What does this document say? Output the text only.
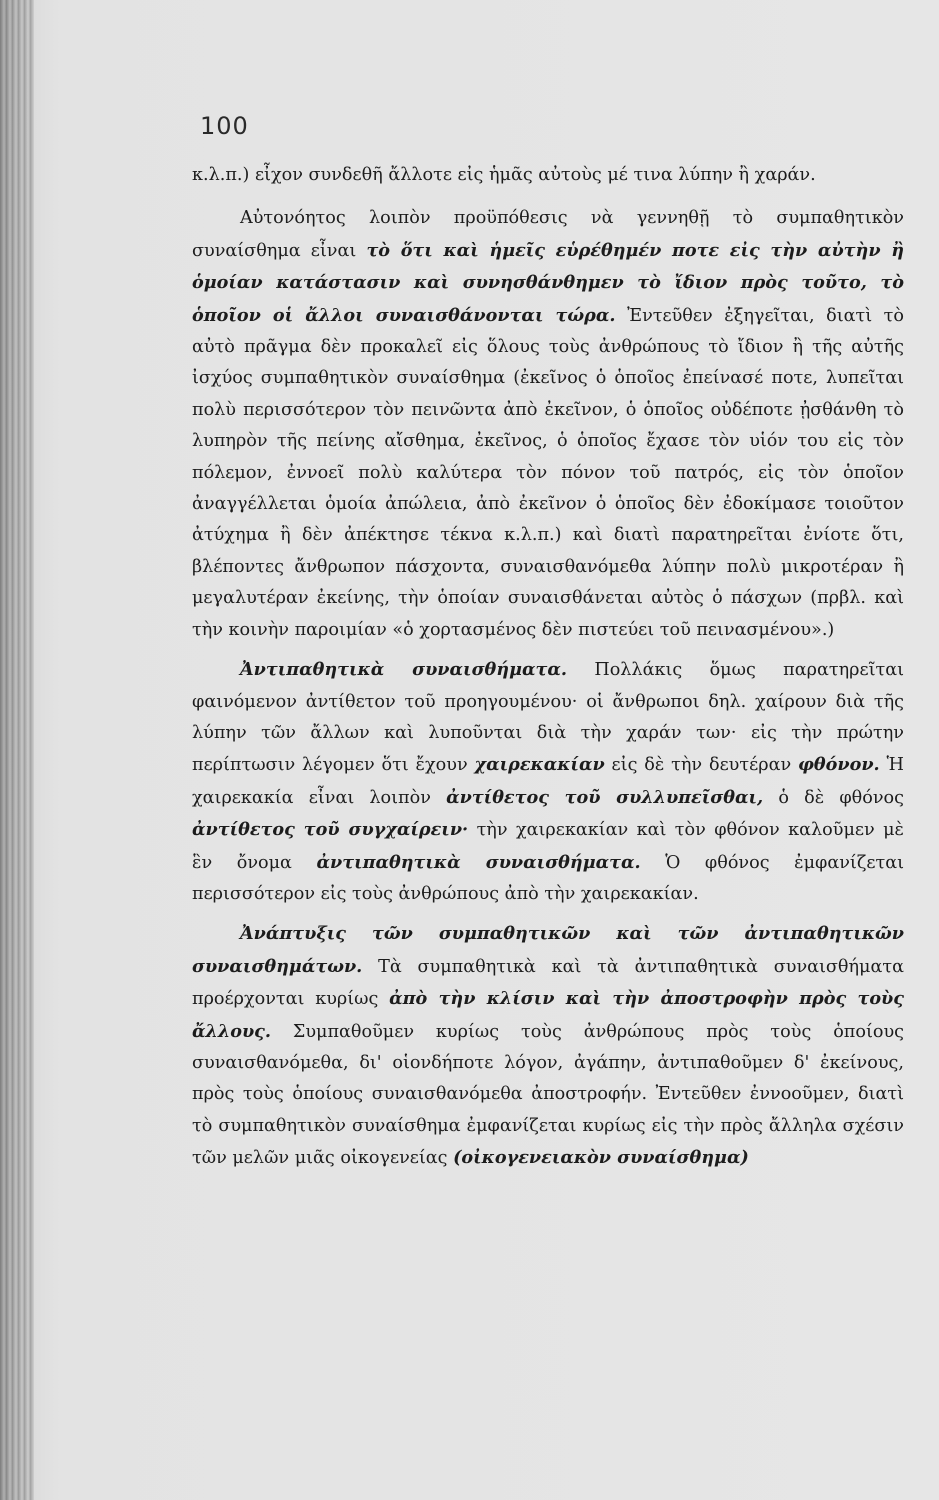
100

κ.λ.π.) εἶχον συνδεθῆ ἄλλοτε εἰς ἡμᾶς αὐτοὺς μέ τινα λύπην ἢ χαράν.

Αὐτονόητος λοιπὸν προϋπόθεσις νὰ γεννηθῇ τὸ συμπαθητικὸν συναίσθημα εἶναι τὸ ὅτι καὶ ἡμεῖς εὑρέθημέν ποτε εἰς τὴν αὐτὴν ἢ ὁμοίαν κατάστασιν καὶ συνησθάνθημεν τὸ ἴδιον πρὸς τοῦτο, τὸ ὁποῖον οἱ ἄλλοι συναισθάνονται τώρα. Ἐντεῦθεν ἐξηγεῖται, διατὶ τὸ αὐτὸ πρᾶγμα δὲν προκαλεῖ εἰς ὅλους τοὺς ἀνθρώπους τὸ ἴδιον ἢ τῆς αὐτῆς ἰσχύος συμπαθητικὸν συναίσθημα (ἐκεῖνος ὁ ὁποῖος ἐπείνασέ ποτε, λυπεῖται πολὺ περισσότερον τὸν πεινῶντα ἀπὸ ἐκεῖνον, ὁ ὁποῖος οὐδέποτε ᾐσθάνθη τὸ λυπηρὸν τῆς πείνης αἴσθημα, ἐκεῖνος, ὁ ὁποῖος ἔχασε τὸν υἱόν του εἰς τὸν πόλεμον, ἐννοεῖ πολὺ καλύτερα τὸν πόνον τοῦ πατρός, εἰς τὸν ὁποῖον ἀναγγέλλεται ὁμοία ἀπώλεια, ἀπὸ ἐκεῖνον ὁ ὁποῖος δὲν ἐδοκίμασε τοιοῦτον ἀτύχημα ἢ δὲν ἀπέκτησε τέκνα κ.λ.π.) καὶ διατὶ παρατηρεῖται ἐνίοτε ὅτι, βλέποντες ἄνθρωπον πάσχοντα, συναισθανόμεθα λύπην πολὺ μικροτέραν ἢ μεγαλυτέραν ἐκείνης, τὴν ὁποίαν συναισθάνεται αὐτὸς ὁ πάσχων (πρβλ. καὶ τὴν κοινὴν παροιμίαν «ὁ χορτασμένος δὲν πιστεύει τοῦ πεινασμένου».)

Ἀντιπαθητικὰ συναισθήματα. Πολλάκις ὅμως παρατηρεῖται φαινόμενον ἀντίθετον τοῦ προηγουμένου· οἱ ἄνθρωποι δηλ. χαίρουν διὰ τῆς λύπην τῶν ἄλλων καὶ λυποῦνται διὰ τὴν χαράν των· εἰς τὴν πρώτην περίπτωσιν λέγομεν ὅτι ἔχουν χαιρεκακίαν εἰς δὲ τὴν δευτέραν φθόνον. Ἡ χαιρεκακία εἶναι λοιπὸν ἀντίθετος τοῦ συλλυπεῖσθαι, ὁ δὲ φθόνος ἀντίθετος τοῦ συγχαίρειν· τὴν χαιρεκακίαν καὶ τὸν φθόνον καλοῦμεν μὲ ἓν ὄνομα ἀντιπαθητικὰ συναισθήματα. Ὁ φθόνος ἐμφανίζεται περισσότερον εἰς τοὺς ἀνθρώπους ἀπὸ τὴν χαιρεκακίαν.

Ἀνάπτυξις τῶν συμπαθητικῶν καὶ τῶν ἀντιπαθητικῶν συναισθημάτων. Τὰ συμπαθητικὰ καὶ τὰ ἀντιπαθητικὰ συναισθήματα προέρχονται κυρίως ἀπὸ τὴν κλίσιν καὶ τὴν ἀποστροφὴν πρὸς τοὺς ἄλλους. Συμπαθοῦμεν κυρίως τοὺς ἀνθρώπους πρὸς τοὺς ὁποίους συναισθανόμεθα, δι' οἱονδήποτε λόγον, ἀγάπην, ἀντιπαθοῦμεν δ' ἐκείνους, πρὸς τοὺς ὁποίους συναισθανόμεθα ἀποστροφήν. Ἐντεῦθεν ἐννοοῦμεν, διατὶ τὸ συμπαθητικὸν συναίσθημα ἐμφανίζεται κυρίως εἰς τὴν πρὸς ἄλληλα σχέσιν τῶν μελῶν μιᾶς οἰκογενείας (οἰκογενειακὸν συναίσθημα)
